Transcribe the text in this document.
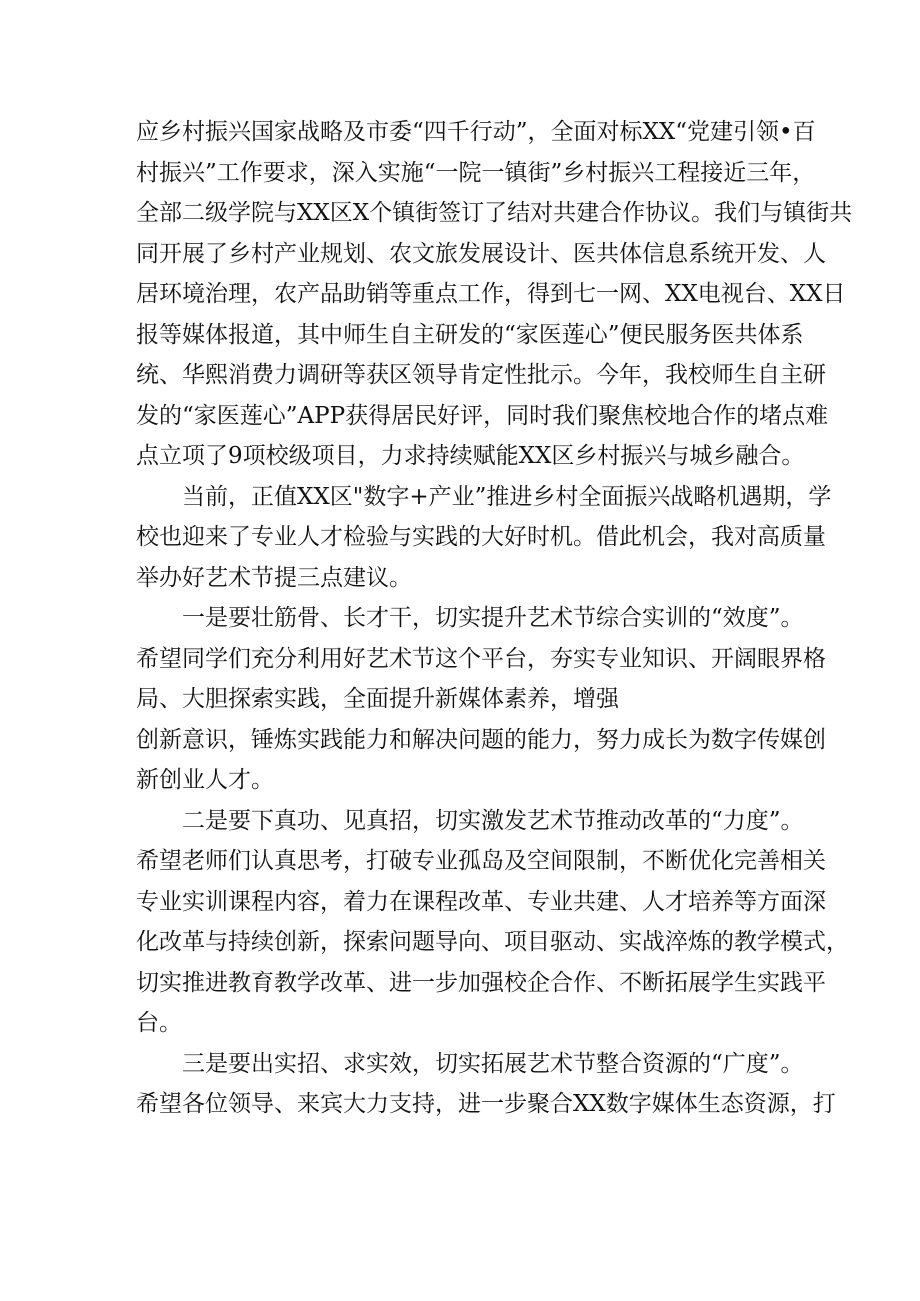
应乡村振兴国家战略及市委“四千行动”，全面对标XX“党建引领•百
村振兴”工作要求，深入实施“一院一镇街”乡村振兴工程接近三年，
全部二级学院与XX区X个镇街签订了结对共建合作协议。我们与镇街共
同开展了乡村产业规划、农文旅发展设计、医共体信息系统开发、人
居环境治理，农产品助销等重点工作，得到七一网、XX电视台、XX日
报等媒体报道，其中师生自主研发的“家医莲心”便民服务医共体系
统、华熙消费力调研等获区领导肯定性批示。今年，我校师生自主研
发的“家医莲心”APP获得居民好评，同时我们聚焦校地合作的堵点难
点立项了9项校级项目，力求持续赋能XX区乡村振兴与城乡融合。
当前，正值XX区"数字+产业”推进乡村全面振兴战略机遇期，学
校也迎来了专业人才检验与实践的大好时机。借此机会，我对高质量
举办好艺术节提三点建议。
一是要壮筋骨、长才干，切实提升艺术节综合实训的“效度”。
希望同学们充分利用好艺术节这个平台，夯实专业知识、开阔眼界格
局、大胆探索实践，全面提升新媒体素养，增强
创新意识，锤炼实践能力和解决问题的能力，努力成长为数字传媒创
新创业人才。
二是要下真功、见真招，切实激发艺术节推动改革的“力度”。
希望老师们认真思考，打破专业孤岛及空间限制，不断优化完善相关
专业实训课程内容，着力在课程改革、专业共建、人才培养等方面深
化改革与持续创新，探索问题导向、项目驱动、实战淬炼的教学模式，
切实推进教育教学改革、进一步加强校企合作、不断拓展学生实践平
台。
三是要出实招、求实效，切实拓展艺术节整合资源的“广度”。
希望各位领导、来宾大力支持，进一步聚合XX数字媒体生态资源，打
